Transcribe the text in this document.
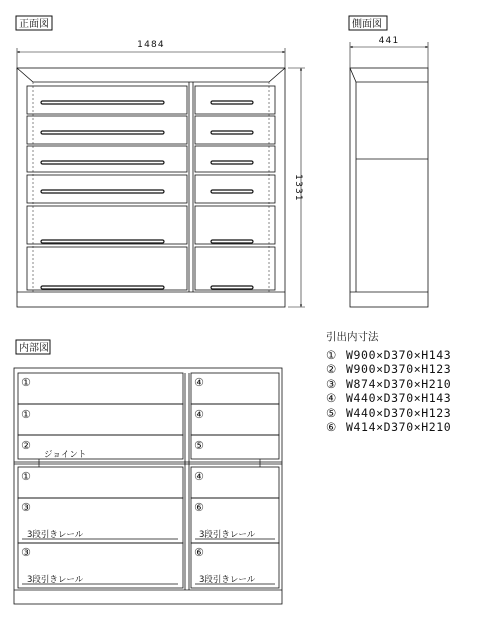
正面図
1484
1331
側面図
441
内部図
①
①
②
①
③
③
④
④
⑤
④
⑥
⑥
ジョイント
3段引きレール
3段引きレール
3段引きレール
3段引きレール
引出内寸法
① W900×D370×H143
② W900×D370×H123
③ W874×D370×H210
④ W440×D370×H143
⑤ W440×D370×H123
⑥ W414×D370×H210
